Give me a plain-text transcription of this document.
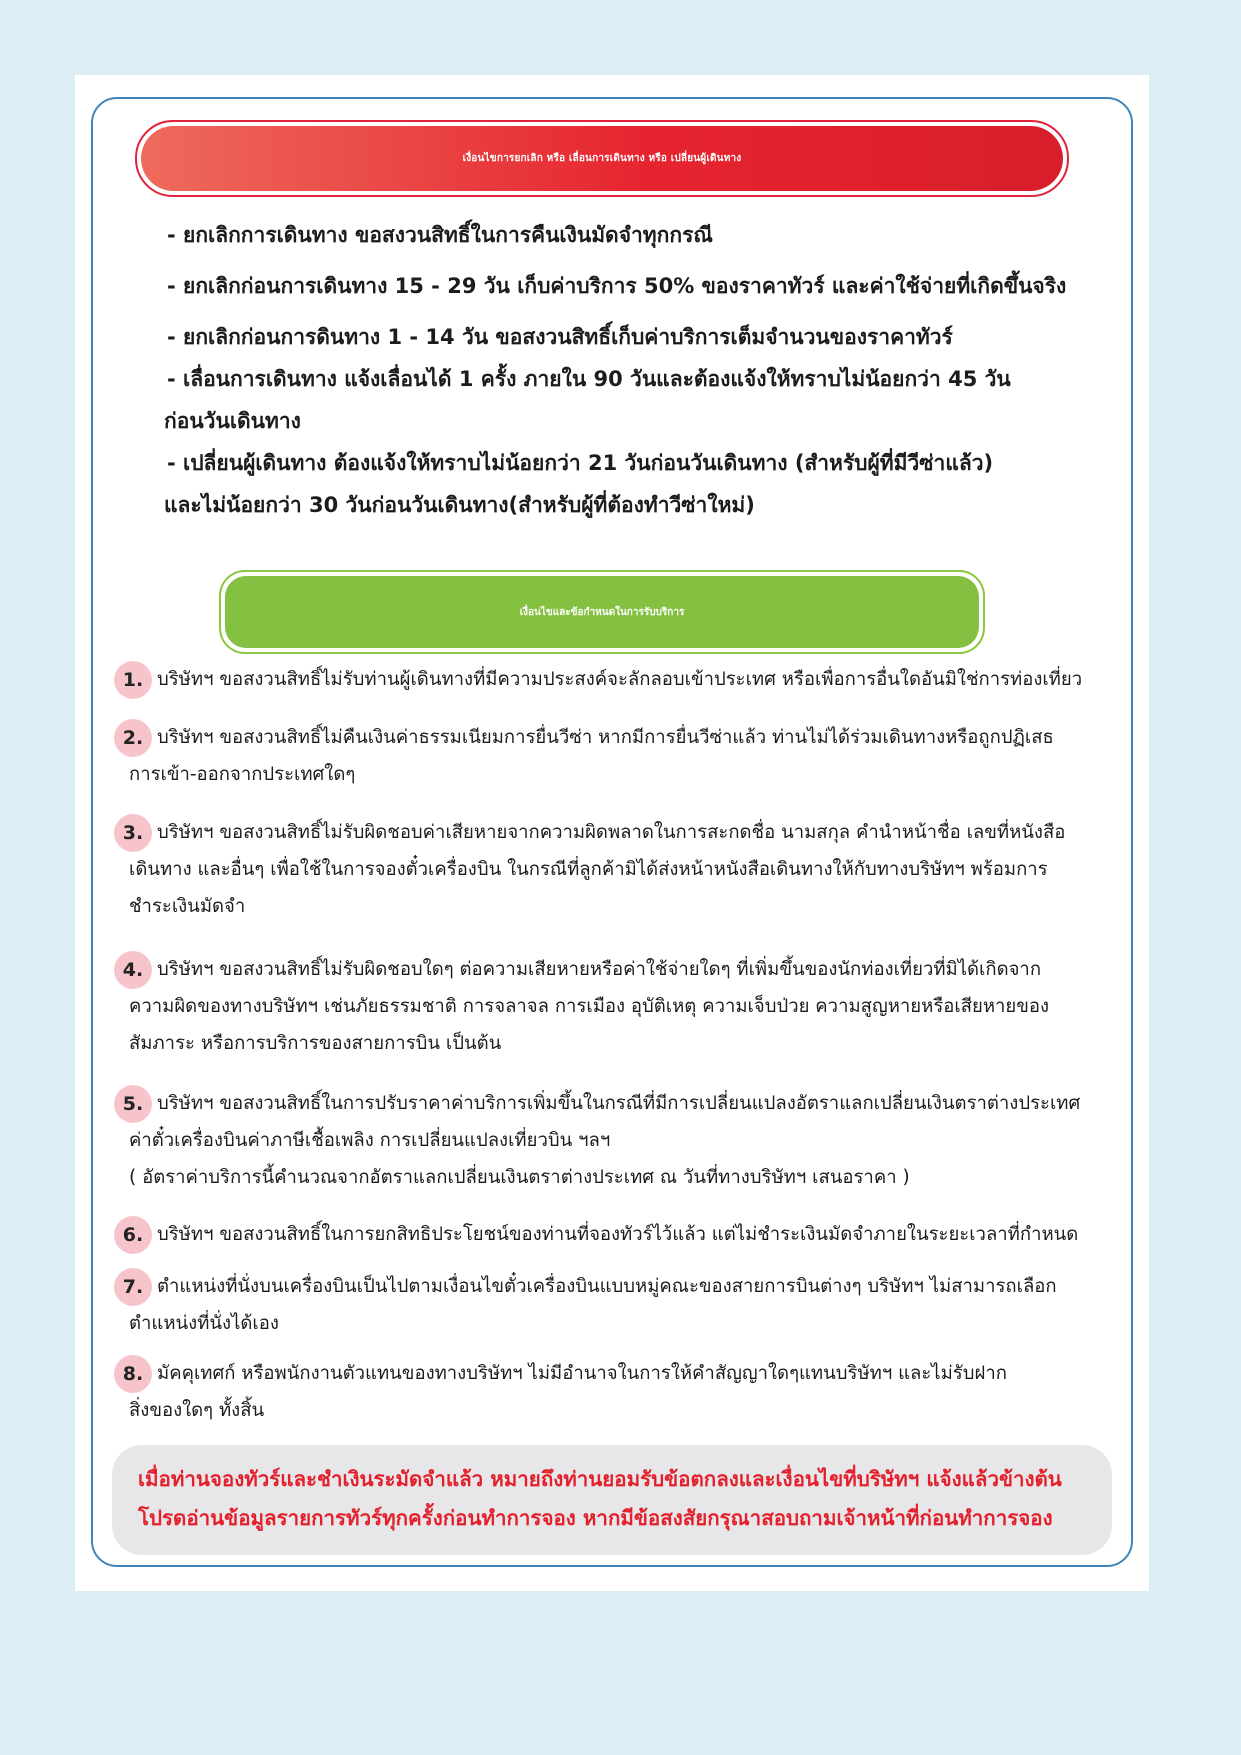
เงื่อนไขการยกเลิก หรือ เลื่อนการเดินทาง หรือ เปลี่ยนผู้เดินทาง
- ยกเลิกการเดินทาง ขอสงวนสิทธิ์ในการคืนเงินมัดจำทุกกรณี
- ยกเลิกก่อนการเดินทาง 15 - 29 วัน เก็บค่าบริการ 50% ของราคาทัวร์ และค่าใช้จ่ายที่เกิดขึ้นจริง
- ยกเลิกก่อนการดินทาง 1 - 14 วัน ขอสงวนสิทธิ์เก็บค่าบริการเต็มจำนวนของราคาทัวร์
- เลื่อนการเดินทาง แจ้งเลื่อนได้ 1 ครั้ง ภายใน 90 วันและต้องแจ้งให้ทราบไม่น้อยกว่า 45 วัน
ก่อนวันเดินทาง
- เปลี่ยนผู้เดินทาง ต้องแจ้งให้ทราบไม่น้อยกว่า 21 วันก่อนวันเดินทาง (สำหรับผู้ที่มีวีซ่าแล้ว)
และไม่น้อยกว่า 30 วันก่อนวันเดินทาง(สำหรับผู้ที่ต้องทำวีซ่าใหม่)
เงื่อนไขและข้อกำหนดในการรับบริการ
1. บริษัทฯ ขอสงวนสิทธิ์ไม่รับท่านผู้เดินทางที่มีความประสงค์จะลักลอบเข้าประเทศ หรือเพื่อการอื่นใดอันมิใช่การท่องเที่ยว
2. บริษัทฯ ขอสงวนสิทธิ์ไม่คืนเงินค่าธรรมเนียมการยื่นวีซ่า หากมีการยื่นวีซ่าแล้ว ท่านไม่ได้ร่วมเดินทางหรือถูกปฏิเสธ
การเข้า-ออกจากประเทศใดๆ
3. บริษัทฯ ขอสงวนสิทธิ์ไม่รับผิดชอบค่าเสียหายจากความผิดพลาดในการสะกดชื่อ นามสกุล คำนำหน้าชื่อ เลขที่หนังสือ
เดินทาง และอื่นๆ เพื่อใช้ในการจองตั๋วเครื่องบิน ในกรณีที่ลูกค้ามิได้ส่งหน้าหนังสือเดินทางให้กับทางบริษัทฯ พร้อมการ
ชำระเงินมัดจำ
4. บริษัทฯ ขอสงวนสิทธิ์ไม่รับผิดชอบใดๆ ต่อความเสียหายหรือค่าใช้จ่ายใดๆ ที่เพิ่มขึ้นของนักท่องเที่ยวที่มิได้เกิดจาก
ความผิดของทางบริษัทฯ เช่นภัยธรรมชาติ การจลาจล การเมือง อุบัติเหตุ ความเจ็บป่วย ความสูญหายหรือเสียหายของ
สัมภาระ หรือการบริการของสายการบิน เป็นต้น
5. บริษัทฯ ขอสงวนสิทธิ์ในการปรับราคาค่าบริการเพิ่มขึ้นในกรณีที่มีการเปลี่ยนแปลงอัตราแลกเปลี่ยนเงินตราต่างประเทศ
ค่าตั๋วเครื่องบินค่าภาษีเชื้อเพลิง การเปลี่ยนแปลงเที่ยวบิน ฯลฯ
( อัตราค่าบริการนี้คำนวณจากอัตราแลกเปลี่ยนเงินตราต่างประเทศ ณ วันที่ทางบริษัทฯ เสนอราคา )
6. บริษัทฯ ขอสงวนสิทธิ์ในการยกสิทธิประโยชน์ของท่านที่จองทัวร์ไว้แล้ว แต่ไม่ชำระเงินมัดจำภายในระยะเวลาที่กำหนด
7. ตำแหน่งที่นั่งบนเครื่องบินเป็นไปตามเงื่อนไขตั๋วเครื่องบินแบบหมู่คณะของสายการบินต่างๆ บริษัทฯ ไม่สามารถเลือก
ตำแหน่งที่นั่งได้เอง
8. มัคคุเทศก์ หรือพนักงานตัวแทนของทางบริษัทฯ ไม่มีอำนาจในการให้คำสัญญาใดๆแทนบริษัทฯ และไม่รับฝาก
สิ่งของใดๆ ทั้งสิ้น
เมื่อท่านจองทัวร์และชำเงินระมัดจำแล้ว หมายถึงท่านยอมรับข้อตกลงและเงื่อนไขที่บริษัทฯ แจ้งแล้วข้างต้น
โปรดอ่านข้อมูลรายการทัวร์ทุกครั้งก่อนทำการจอง หากมีข้อสงสัยกรุณาสอบถามเจ้าหน้าที่ก่อนทำการจอง
